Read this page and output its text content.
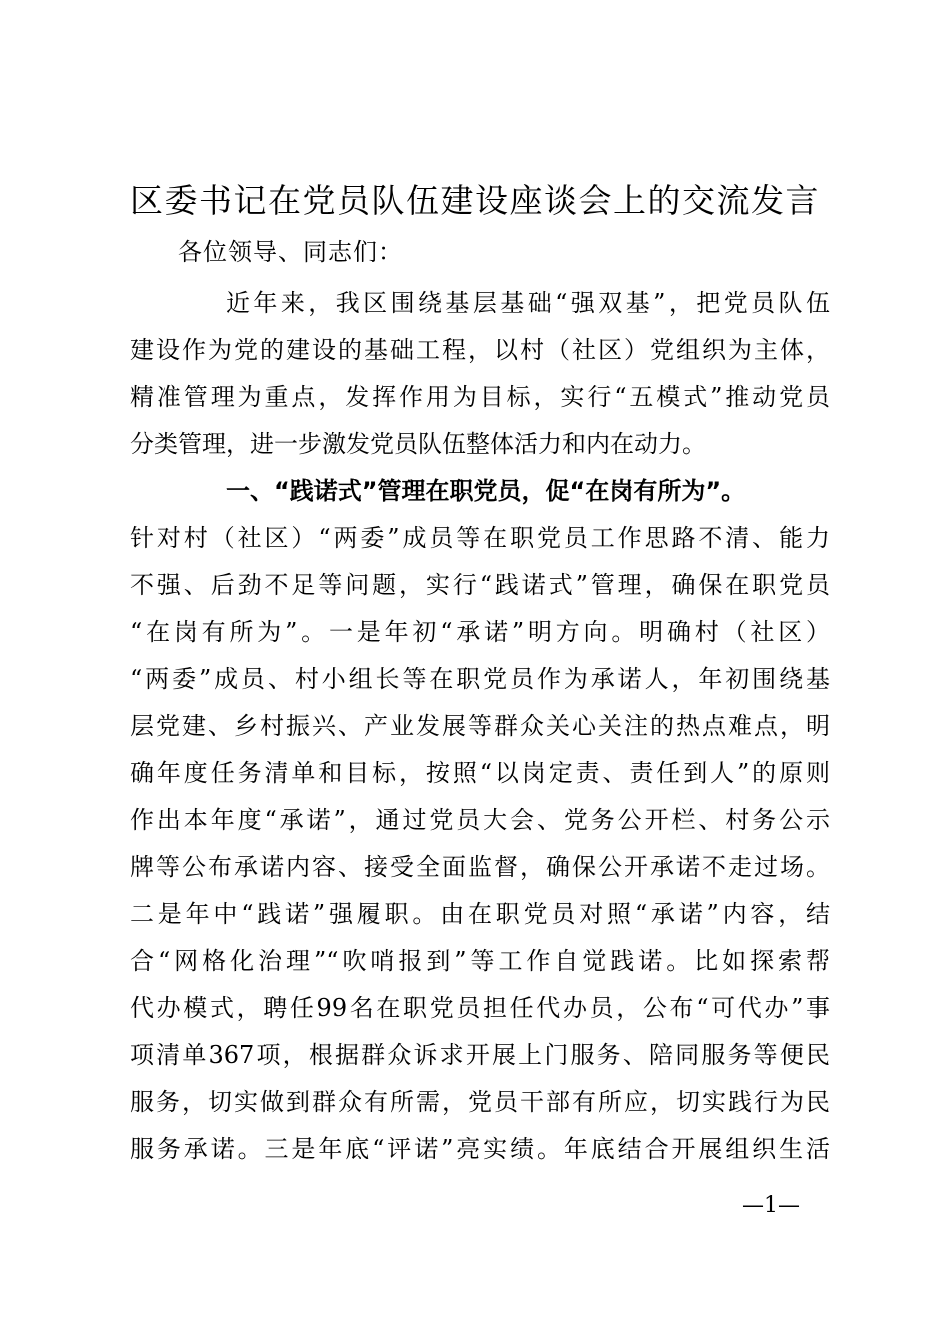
区委书记在党员队伍建设座谈会上的交流发言
各位领导、同志们：
近年来，我区围绕基层基础“强双基”，把党员队伍
建设作为党的建设的基础工程，以村（社区）党组织为主体，
精准管理为重点，发挥作用为目标，实行“五模式”推动党员
分类管理，进一步激发党员队伍整体活力和内在动力。
一、“践诺式”管理在职党员，促“在岗有所为”。
针对村（社区）“两委”成员等在职党员工作思路不清、能力
不强、后劲不足等问题，实行“践诺式”管理，确保在职党员
“在岗有所为”。一是年初“承诺”明方向。明确村（社区）
“两委”成员、村小组长等在职党员作为承诺人，年初围绕基
层党建、乡村振兴、产业发展等群众关心关注的热点难点，明
确年度任务清单和目标，按照“以岗定责、责任到人”的原则
作出本年度“承诺”，通过党员大会、党务公开栏、村务公示
牌等公布承诺内容、接受全面监督，确保公开承诺不走过场。
二是年中“践诺”强履职。由在职党员对照“承诺”内容，结
合“网格化治理”“吹哨报到”等工作自觉践诺。比如探索帮
代办模式，聘任99名在职党员担任代办员，公布“可代办”事
项清单367项，根据群众诉求开展上门服务、陪同服务等便民
服务，切实做到群众有所需，党员干部有所应，切实践行为民
服务承诺。三是年底“评诺”亮实绩。年底结合开展组织生活
—1—
